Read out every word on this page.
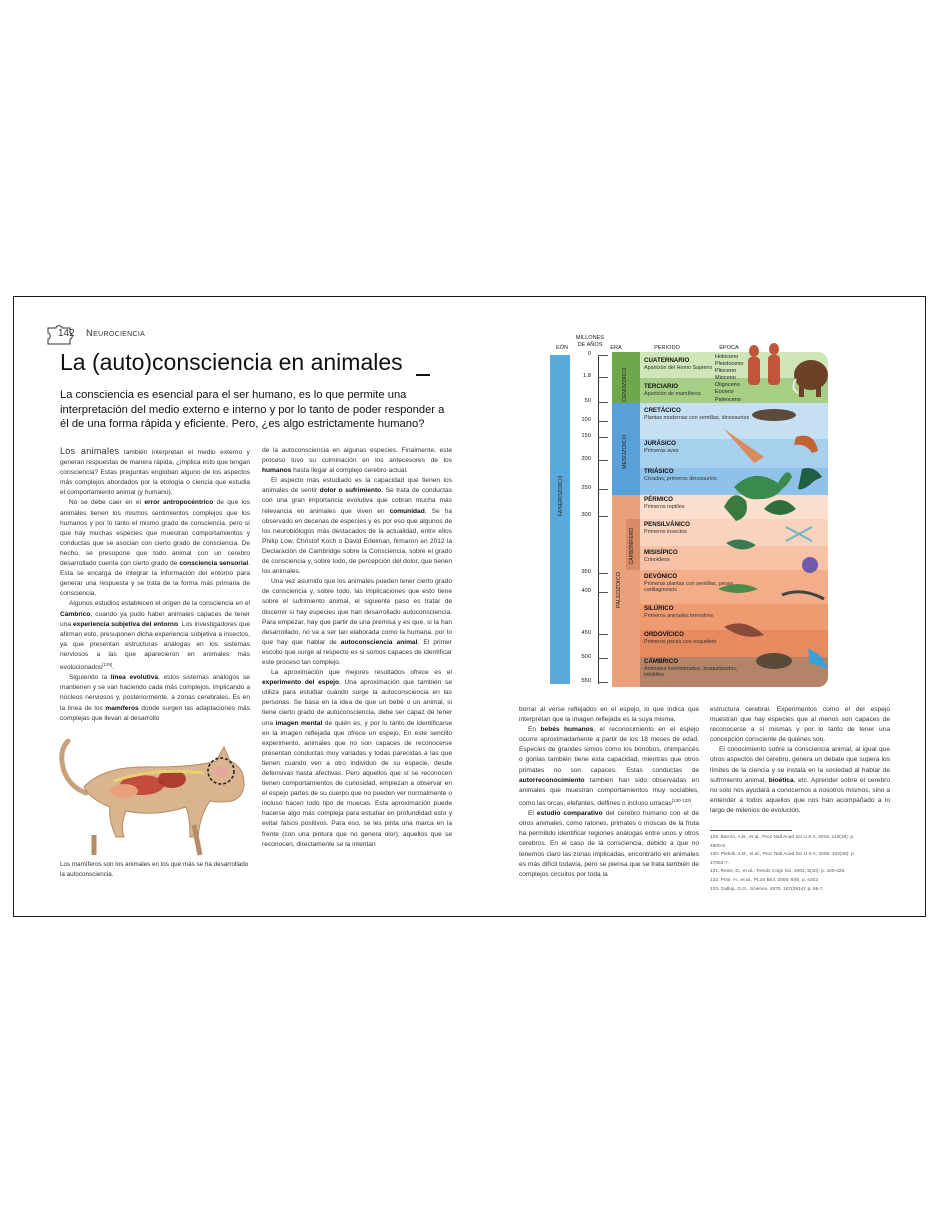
142 Neurociencia
La (auto)consciencia en animales
La consciencia es esencial para el ser humano, es lo que permite una interpretación del medio externo e interno y por lo tanto de poder responder a él de una forma rápida y eficiente. Pero, ¿es algo estrictamente humano?

Los animales también interpretan el medio externo y generan respuestas de manera rápida, ¿implica esto que tengan consciencia? Estas preguntas engloban alguno de los aspectos más complejos abordados por la etología o ciencia que estudia el comportamiento animal (y humano).

No se debe caer en el error antropocéntrico de que los animales tienen los mismos sentimientos complejos que los humanos y por lo tanto el mismo grado de consciencia, pero sí que hay muchas especies que muestran comportamientos y conductas que se asocian con cierto grado de consciencia. De hecho, se presupone que todo animal con un cerebro desarrollado cuenta con cierto grado de consciencia sensorial. Esta se encarga de integrar la información del entorno para generar una respuesta y se trata de la forma más primaria de consciencia.

Algunos estudios establecen el origen de la consciencia en el Cámbrico, cuando ya pudo haber animales capaces de tener una experiencia subjetiva del entorno. Los investigadores que afirman esto, presuponen dicha experiencia subjetiva a insectos, ya que presentan estructuras análogas en los sistemas nerviosos a las que aparecieron en animales más evolucionados[129].

Siguiendo la línea evolutiva, estos sistemas análogos se mantienen y se van haciendo cada más complejos, implicando a núcleos nerviosos y, posteriormente, a zonas cerebrales. Es en la línea de los mamíferos donde surgen las adaptaciones más complejas que llevan al desarrollo

Los mamíferos son los animales en los que más se ha desarrollado la autoconsciencia.

de la autoconsciencia en algunas especies. Finalmente, este proceso tuvo su culminación en los antecesores de los humanos hasta llegar al complejo cerebro actual.

El aspecto más estudiado es la capacidad que tienen los animales de sentir dolor o sufrimiento. Se trata de conductas con una gran importancia evolutiva que cobran mucha más relevancia en animales que viven en comunidad. Se ha observado en decenas de especies y es por eso que algunos de los neurobiólogos más destacados de la actualidad, entre ellos Philip Low, Christof Koch o David Edelman, firmaron en 2012 la Declaración de Cambridge sobre la Consciencia, sobre el grado de consciencia y, sobre todo, de percepción del dolor, que tienen los animales.

Una vez asumido que los animales pueden tener cierto grado de consciencia y, sobre todo, las implicaciones que esto tiene sobre el sufrimiento animal, el siguiente paso es tratar de discernir si hay especies que han desarrollado autoconsciencia. Para empezar, hay que partir de una premisa y es que, si la han desarrollado, no va a ser tan elaborada como la humana, por lo que hay que hablar de autoconsciencia animal. El primer escollo que surge al respecto es si somos capaces de identificar este proceso tan complejo.

La aproximación que mejores resultados ofrece es el experimento del espejo. Una aproximación que también se utiliza para estudiar cuándo surge la autoconsciencia en las personas. Se basa en la idea de que un bebé o un animal, si tiene cierto grado de autoconsciencia, debe ser capaz de tener una imagen mental de quién es, y por lo tanto de identificarse en la imagen reflejada que ofrece un espejo. En este sencillo experimento, animales que no son capaces de reconocerse presentan conductas muy variadas y todas parecidas a las que tienen cuando ven a otro individuo de su especie, desde defensivas hasta afectivas. Pero aquellos que sí se reconocen tienen comportamientos de curiosidad, empiezan a observar en el espejo partes de su cuerpo que no pueden ver normalmente o incluso hacen todo tipo de muecas. Esta aproximación puede hacerse algo más compleja para estudiar en profundidad esto y evitar falsos positivos. Para eso, se les pinta una marca en la frente (con una pintura que no genera olor); aquellos que se reconocen, directamente se la intentan

EÓN
MILLONES DE AÑOS
ERA	PERIODO	ÉPOCA
FANEROZOICO
CENOZOICO
MESOZOICO
PALEOZOICO
CARBONÍFERO
Holoceno
Pleistoceno
Plioceno
Mioceno
Oligoceno
Eoceno
Paleoceno

borrar al verse reflejados en el espejo, lo que indica que interpretan que la imagen reflejada es la suya misma.

En bebés humanos, el reconocimiento en el espejo ocurre aproximadamente a partir de los 18 meses de edad. Especies de grandes simios como los bonobos, chimpancés o gorilas también tiene esta capacidad, mientras que otros primates no son capaces. Estas conductas de autorreconocimiento también han sido observadas en animales que muestran comportamientos muy sociables, como las orcas, elefantes, delfines o incluso urracas[130-133].

El estudio comparativo del cerebro humano con el de otros animales, como ratones, primates o moscas de la fruta ha permitido identificar regiones análogas entre unos y otros cerebros. En el caso de la consciencia, debido a que no tenemos claro las zonas implicadas, encontrarlo en animales es más difícil todavía, pero se piensa que se trata también de complejos circuitos por toda la

estructura cerebral. Experimentos como el del espejo muestran que hay especies que al menos son capaces de reconocerse a sí mismas y por lo tanto de tener una concepción consciente de quiénes son.

El conocimiento sobre la consciencia animal, al igual que otros aspectos del cerebro, genera un debate que supera los límites de la ciencia y se instala en la sociedad al hablar de sufrimiento animal, bioética, etc. Aprender sobre el cerebro no solo nos ayudará a conocernos a nosotros mismos, sino a entender a todos aquellos que nos han acompañado a lo largo de milenios de evolución.

129. Barron, A.B., et al., Proc Natl Acad Sci U S A, 2016. 113(18): p. 4900-8.
130. Plotnik, J.M., et al., Proc Natl Acad Sci U S A, 2006. 103(45): p. 17053-7.
131. Reiss, D., et al., Trends Cogn Sci, 2001. 5(10): p. 420-425.
132. Prior, H., et al., PLoS Biol, 2008. 6(8): p. e202.
133. Gallup, G.G., Science, 1970. 167(3914): p. 86-7.
0
1,8
50
100
150
200
250
300
350
400
450
500
550
CUATERNARIO
Aparición del Homo Sapiens
TERCIARIO
Aparición de mamíferos
CRETÁCICO
Plantas modernas con semillas, dinosaurios
JURÁSICO
Primeras aves
TRIÁSICO
Cícadas, primeros dinosaurios
PÉRMICO
Primeros reptiles
PENSILVÁNICO
Primeros insectos
MISISÍPICO
Crinoideos
DEVÓNICO
Primeras plantas con semillas, peces cartilaginosos
SILÚRICO
Primeros animales terrestres
ORDOVÍCICO
Primeros peces con esqueleto
CÁMBRICO
Animales invertebrados, braquiópodos, trilobites
